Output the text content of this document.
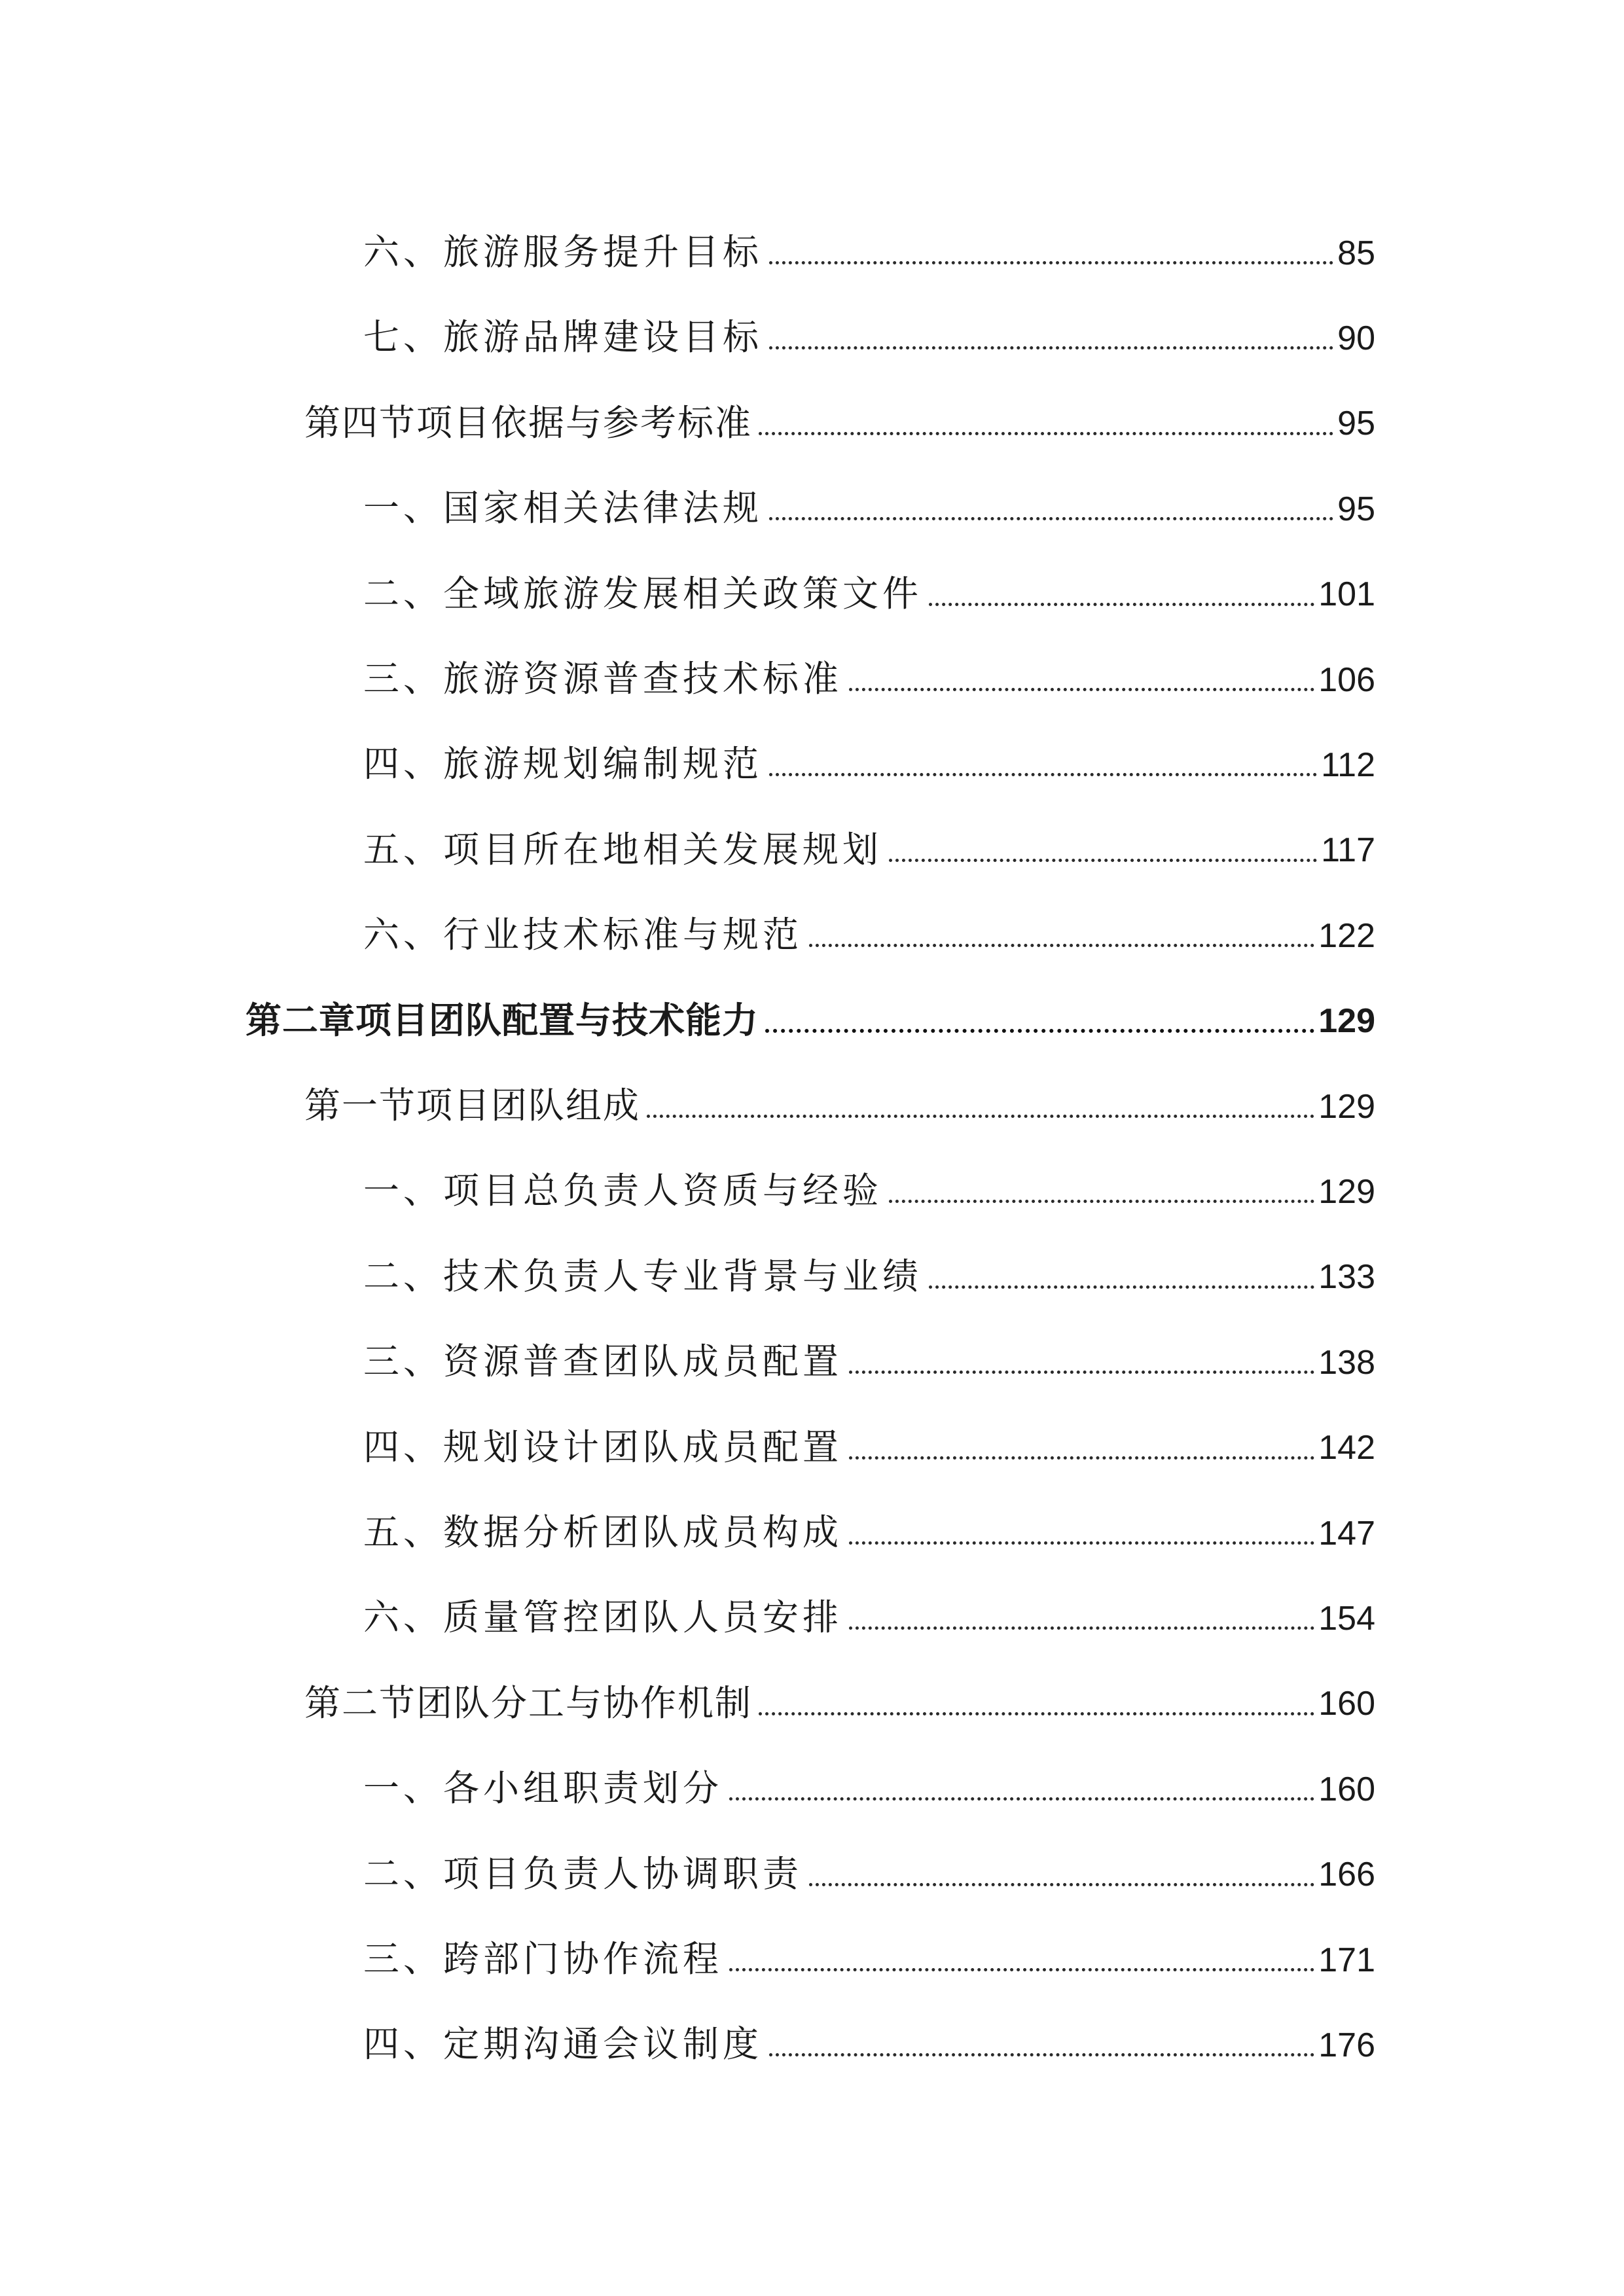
六、旅游服务提升目标	85
七、旅游品牌建设目标	90
第四节项目依据与参考标准	95
一、国家相关法律法规	95
二、全域旅游发展相关政策文件	101
三、旅游资源普查技术标准	106
四、旅游规划编制规范	112
五、项目所在地相关发展规划	117
六、行业技术标准与规范	122
第二章项目团队配置与技术能力	129
第一节项目团队组成	129
一、项目总负责人资质与经验	129
二、技术负责人专业背景与业绩	133
三、资源普查团队成员配置	138
四、规划设计团队成员配置	142
五、数据分析团队成员构成	147
六、质量管控团队人员安排	154
第二节团队分工与协作机制	160
一、各小组职责划分	160
二、项目负责人协调职责	166
三、跨部门协作流程	171
四、定期沟通会议制度	176
